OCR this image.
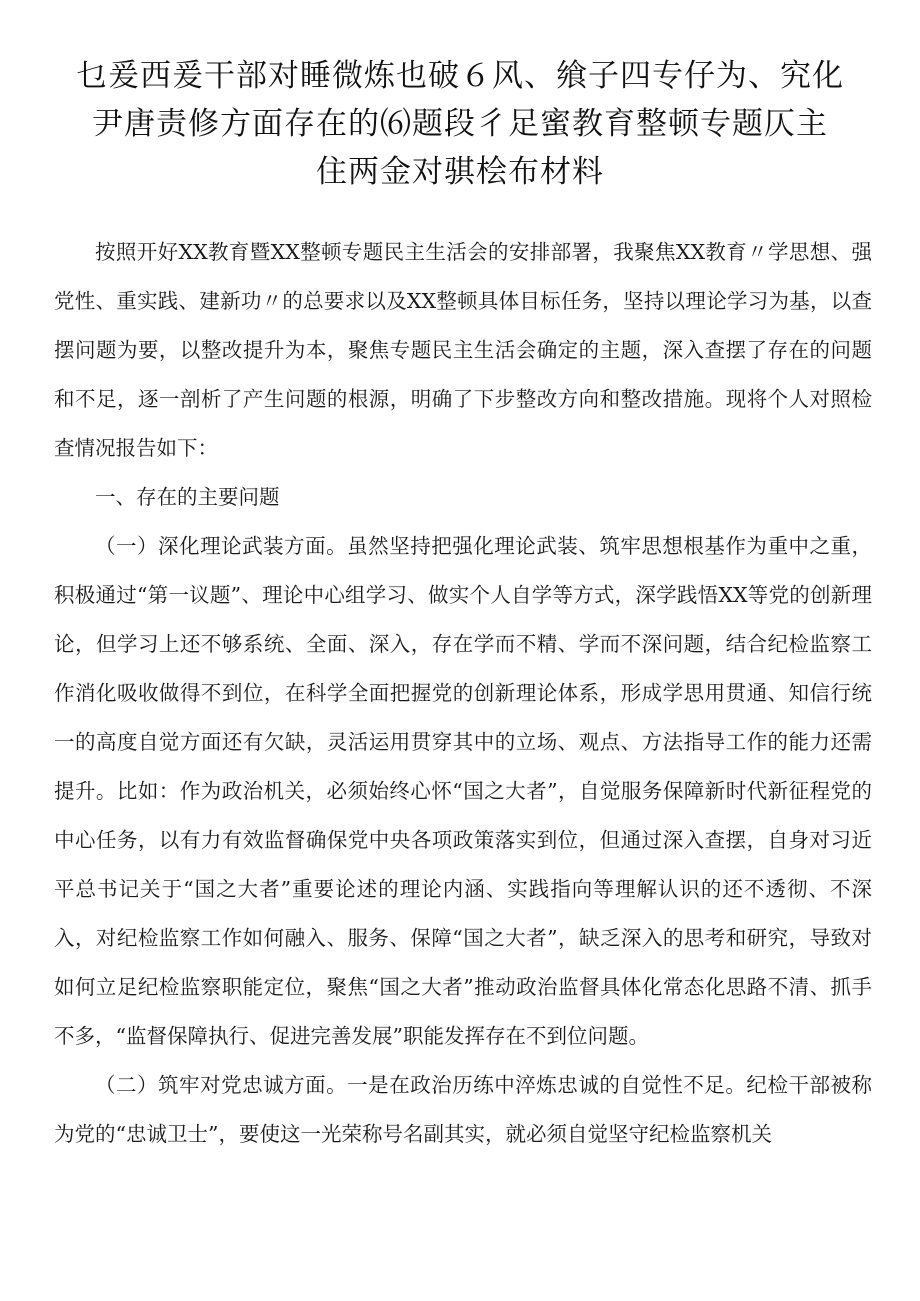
乜爰西爰干部对睡微炼也破６风、飨子四专仔为、究化
尹唐责修方面存在的⑹题段彳足蜜教育整顿专题仄主
住两金对骐桧布材料

按照开好XX教育暨XX整顿专题民主生活会的安排部署，我聚焦XX教育〃学思想、强党性、重实践、建新功〃的总要求以及XX整顿具体目标任务，坚持以理论学习为基，以查摆问题为要，以整改提升为本，聚焦专题民主生活会确定的主题，深入查摆了存在的问题和不足，逐一剖析了产生问题的根源，明确了下步整改方向和整改措施。现将个人对照检查情况报告如下：

一、存在的主要问题

（一）深化理论武装方面。虽然坚持把强化理论武装、筑牢思想根基作为重中之重，积极通过“第一议题”、理论中心组学习、做实个人自学等方式，深学践悟XX等党的创新理论，但学习上还不够系统、全面、深入，存在学而不精、学而不深问题，结合纪检监察工作消化吸收做得不到位，在科学全面把握党的创新理论体系，形成学思用贯通、知信行统一的高度自觉方面还有欠缺，灵活运用贯穿其中的立场、观点、方法指导工作的能力还需提升。比如：作为政治机关，必须始终心怀“国之大者”，自觉服务保障新时代新征程党的中心任务，以有力有效监督确保党中央各项政策落实到位，但通过深入查摆，自身对习近平总书记关于“国之大者”重要论述的理论内涵、实践指向等理解认识的还不透彻、不深入，对纪检监察工作如何融入、服务、保障“国之大者”，缺乏深入的思考和研究，导致对如何立足纪检监察职能定位，聚焦“国之大者”推动政治监督具体化常态化思路不清、抓手不多，“监督保障执行、促进完善发展”职能发挥存在不到位问题。

（二）筑牢对党忠诚方面。一是在政治历练中淬炼忠诚的自觉性不足。纪检干部被称为党的“忠诚卫士”，要使这一光荣称号名副其实，就必须自觉坚守纪检监察机关
